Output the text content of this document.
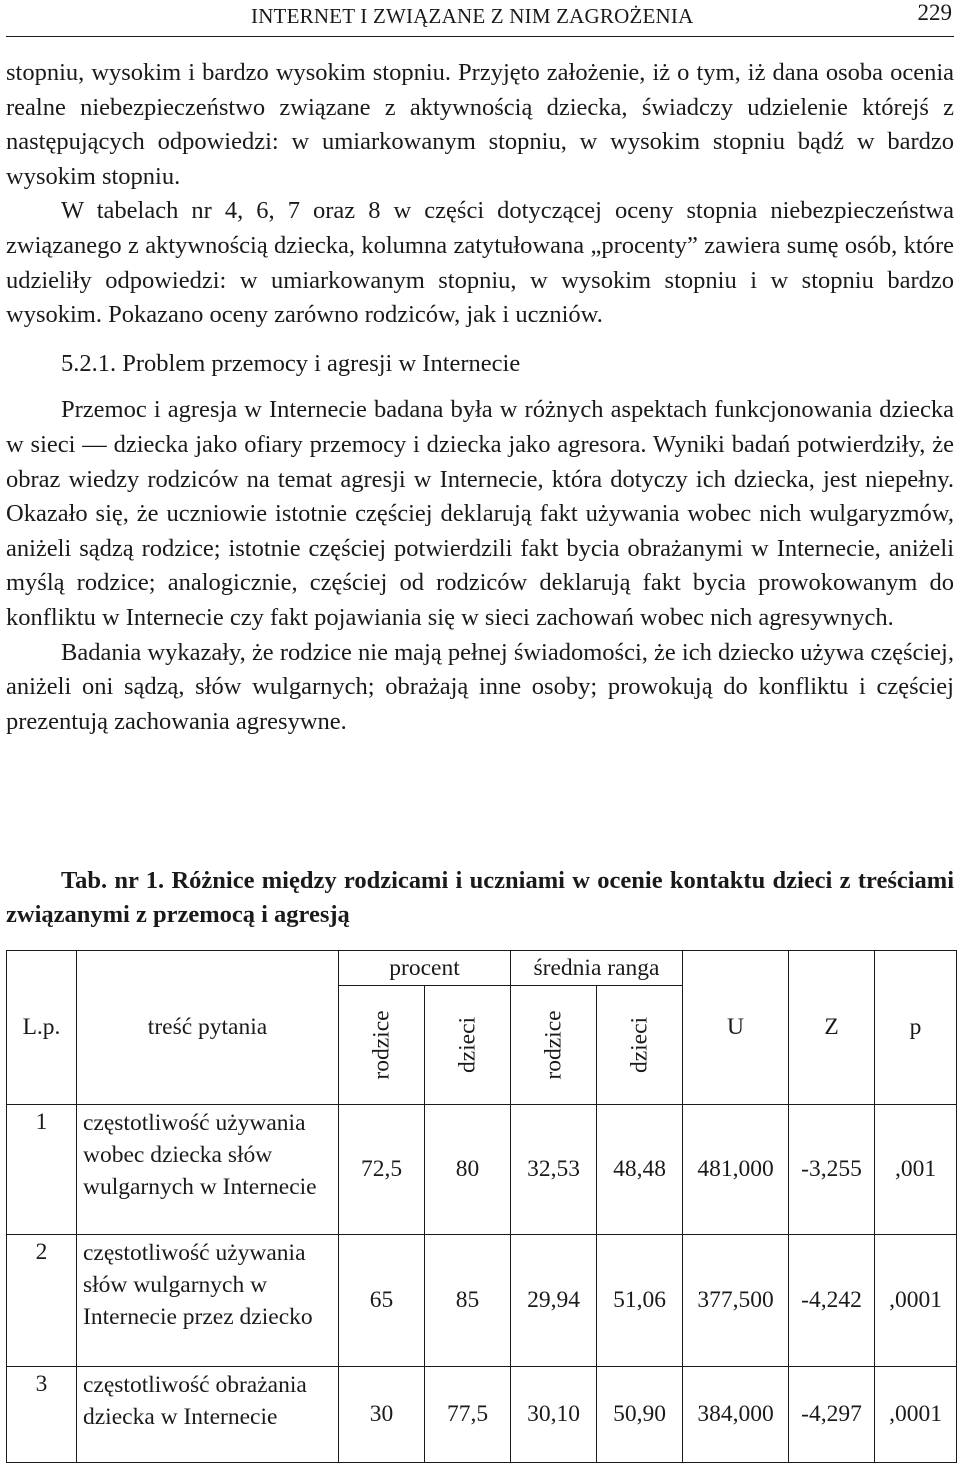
INTERNET I ZWIĄZANE Z NIM ZAGROŻENIA	229

stopniu, wysokim i bardzo wysokim stopniu. Przyjęto założenie, iż o tym, iż dana osoba ocenia realne niebezpieczeństwo związane z aktywnością dziecka, świadczy udzielenie którejś z następujących odpowiedzi: w umiarkowanym stopniu, w wysokim stopniu bądź w bardzo wysokim stopniu.

W tabelach nr 4, 6, 7 oraz 8 w części dotyczącej oceny stopnia niebezpieczeństwa związanego z aktywnością dziecka, kolumna zatytułowana „procenty” zawiera sumę osób, które udzieliły odpowiedzi: w umiarkowanym stopniu, w wysokim stopniu i w stopniu bardzo wysokim. Pokazano oceny zarówno rodziców, jak i uczniów.

5.2.1. Problem przemocy i agresji w Internecie

Przemoc i agresja w Internecie badana była w różnych aspektach funkcjonowania dziecka w sieci — dziecka jako ofiary przemocy i dziecka jako agresora. Wyniki badań potwierdziły, że obraz wiedzy rodziców na temat agresji w Internecie, która dotyczy ich dziecka, jest niepełny. Okazało się, że uczniowie istotnie częściej deklarują fakt używania wobec nich wulgaryzmów, aniżeli sądzą rodzice; istotnie częściej potwierdzili fakt bycia obrażanymi w Internecie, aniżeli myślą rodzice; analogicznie, częściej od rodziców deklarują fakt bycia prowokowanym do konfliktu w Internecie czy fakt pojawiania się w sieci zachowań wobec nich agresywnych.

Badania wykazały, że rodzice nie mają pełnej świadomości, że ich dziecko używa częściej, aniżeli oni sądzą, słów wulgarnych; obrażają inne osoby; prowokują do konfliktu i częściej prezentują zachowania agresywne.

Tab. nr 1. Różnice między rodzicami i uczniami w ocenie kontaktu dzieci z treściami związanymi z przemocą i agresją
L.p.	treść pytania	procent		średnia ranga		U	Z	p

		rodzice	dzieci	rodzice	dzieci			

1	częstotliwość używania wobec dziecka słów wulgarnych w Internecie	72,5	80	32,53	48,48	481,000	-3,255	,001
2	częstotliwość używania słów wulgarnych w Internecie przez dziecko	65	85	29,94	51,06	377,500	-4,242	,0001
3	częstotliwość obrażania dziecka w Internecie	30	77,5	30,10	50,90	384,000	-4,297	,0001
